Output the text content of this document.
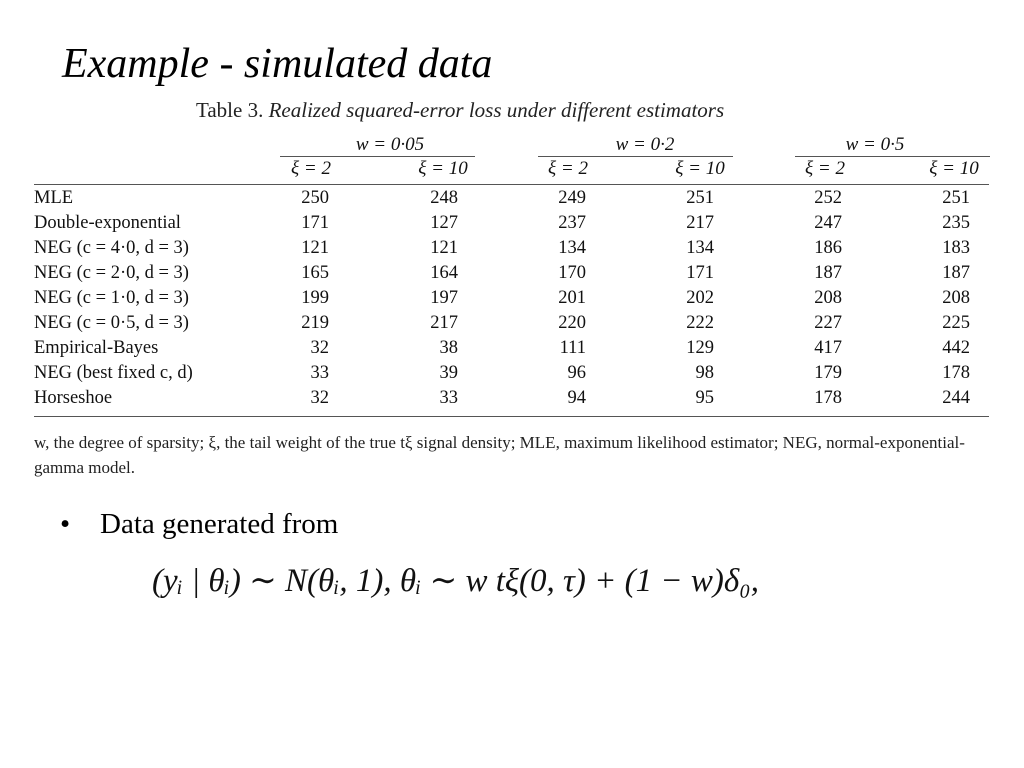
Example - simulated data
Table 3. Realized squared-error loss under different estimators
w = 0·05	w = 0·2	w = 0·5
ξ = 2	ξ = 10	ξ = 2	ξ = 10	ξ = 2	ξ = 10
MLE	250	248	249	251	252	251
Double-exponential	171	127	237	217	247	235
NEG (c = 4·0, d = 3)	121	121	134	134	186	183
NEG (c = 2·0, d = 3)	165	164	170	171	187	187
NEG (c = 1·0, d = 3)	199	197	201	202	208	208
NEG (c = 0·5, d = 3)	219	217	220	222	227	225
Empirical-Bayes	32	38	111	129	417	442
NEG (best fixed c, d)	33	39	96	98	179	178
Horseshoe	32	33	94	95	178	244
w, the degree of sparsity; ξ, the tail weight of the true tξ signal density; MLE, maximum likelihood estimator; NEG, normal-exponential-gamma model.
• Data generated from
(yᵢ | θᵢ) ∼ N(θᵢ, 1), θᵢ ∼ w tξ(0, τ) + (1 − w)δ₀,
